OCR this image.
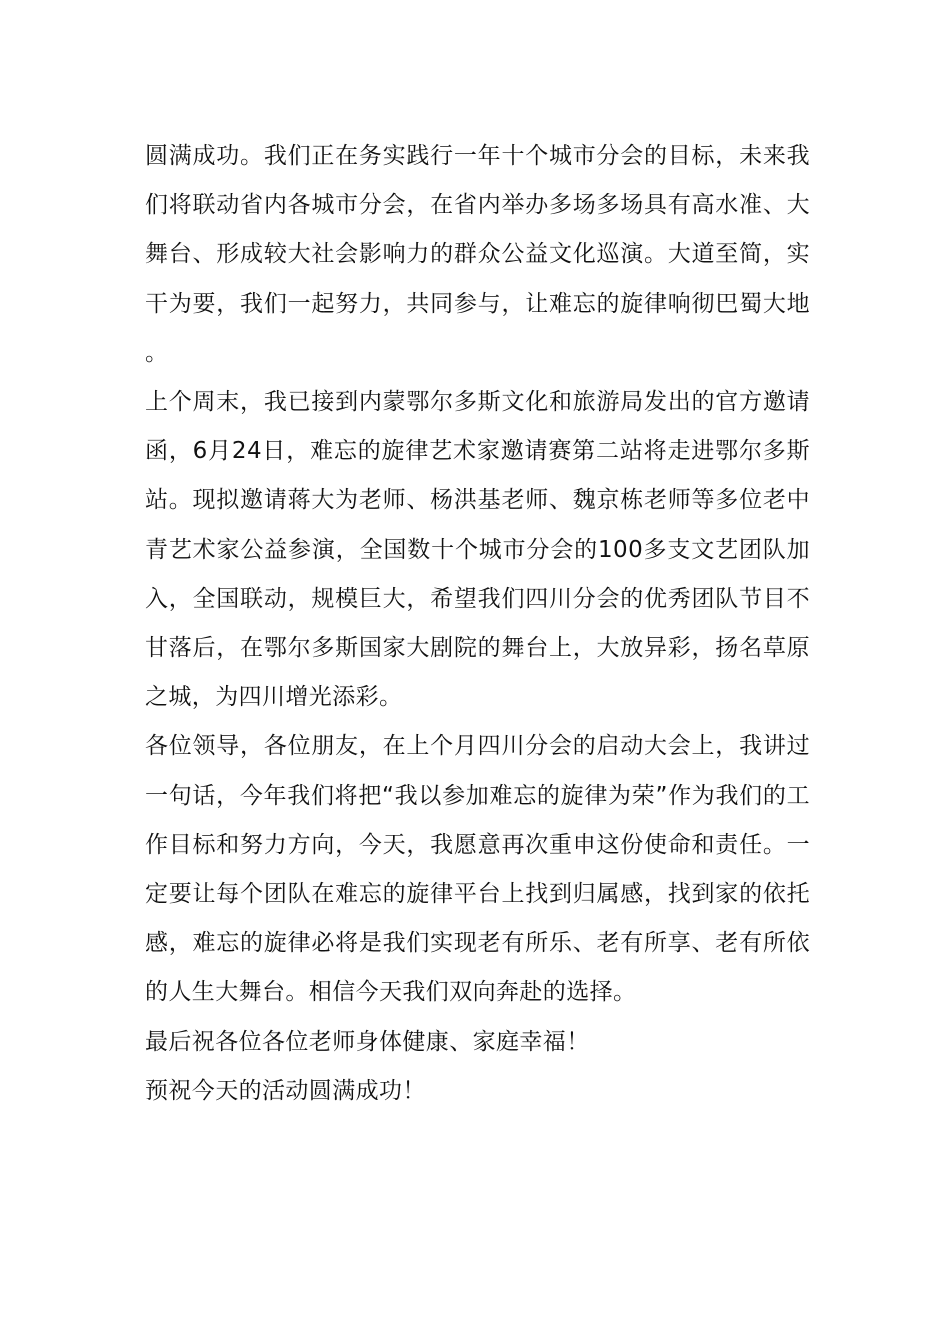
圆满成功。我们正在务实践行一年十个城市分会的目标，未来我们将联动省内各城市分会，在省内举办多场多场具有高水准、大舞台、形成较大社会影响力的群众公益文化巡演。大道至简，实干为要，我们一起努力，共同参与，让难忘的旋律响彻巴蜀大地。

上个周末，我已接到内蒙鄂尔多斯文化和旅游局发出的官方邀请函，6月24日，难忘的旋律艺术家邀请赛第二站将走进鄂尔多斯站。现拟邀请蒋大为老师、杨洪基老师、魏京栋老师等多位老中青艺术家公益参演，全国数十个城市分会的100多支文艺团队加入，全国联动，规模巨大，希望我们四川分会的优秀团队节目不甘落后，在鄂尔多斯国家大剧院的舞台上，大放异彩，扬名草原之城，为四川增光添彩。

各位领导，各位朋友，在上个月四川分会的启动大会上，我讲过一句话，今年我们将把“我以参加难忘的旋律为荣”作为我们的工作目标和努力方向，今天，我愿意再次重申这份使命和责任。一定要让每个团队在难忘的旋律平台上找到归属感，找到家的依托感，难忘的旋律必将是我们实现老有所乐、老有所享、老有所依的人生大舞台。相信今天我们双向奔赴的选择。

最后祝各位各位老师身体健康、家庭幸福！

预祝今天的活动圆满成功！
